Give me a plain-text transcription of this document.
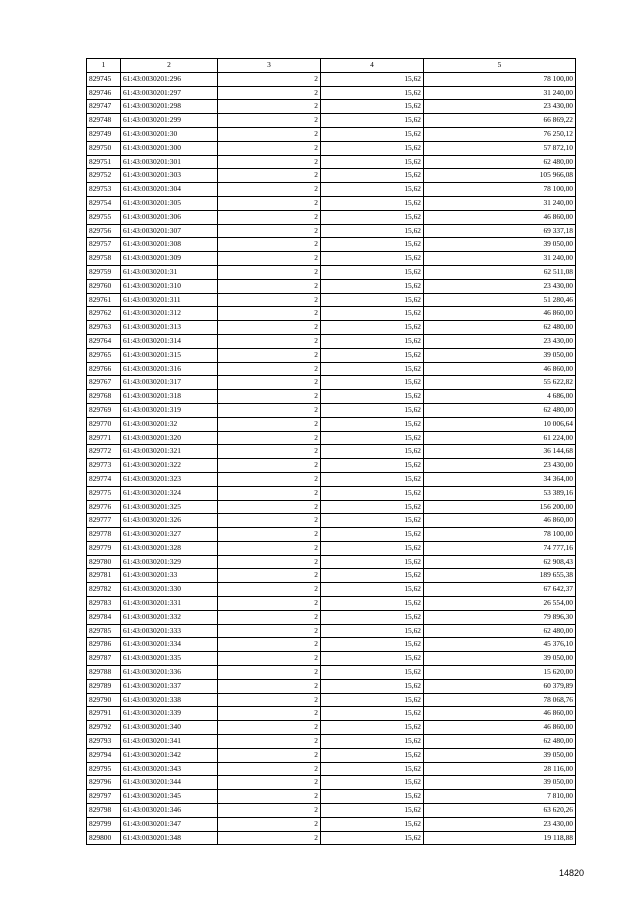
1	2	3	4	5
829745	61:43:0030201:296	2	15,62	78 100,00
829746	61:43:0030201:297	2	15,62	31 240,00
829747	61:43:0030201:298	2	15,62	23 430,00
829748	61:43:0030201:299	2	15,62	66 869,22
829749	61:43:0030201:30	2	15,62	76 250,12
829750	61:43:0030201:300	2	15,62	57 872,10
829751	61:43:0030201:301	2	15,62	62 480,00
829752	61:43:0030201:303	2	15,62	105 966,08
829753	61:43:0030201:304	2	15,62	78 100,00
829754	61:43:0030201:305	2	15,62	31 240,00
829755	61:43:0030201:306	2	15,62	46 860,00
829756	61:43:0030201:307	2	15,62	69 337,18
829757	61:43:0030201:308	2	15,62	39 050,00
829758	61:43:0030201:309	2	15,62	31 240,00
829759	61:43:0030201:31	2	15,62	62 511,08
829760	61:43:0030201:310	2	15,62	23 430,00
829761	61:43:0030201:311	2	15,62	51 280,46
829762	61:43:0030201:312	2	15,62	46 860,00
829763	61:43:0030201:313	2	15,62	62 480,00
829764	61:43:0030201:314	2	15,62	23 430,00
829765	61:43:0030201:315	2	15,62	39 050,00
829766	61:43:0030201:316	2	15,62	46 860,00
829767	61:43:0030201:317	2	15,62	55 622,82
829768	61:43:0030201:318	2	15,62	4 686,00
829769	61:43:0030201:319	2	15,62	62 480,00
829770	61:43:0030201:32	2	15,62	10 006,64
829771	61:43:0030201:320	2	15,62	61 224,00
829772	61:43:0030201:321	2	15,62	36 144,68
829773	61:43:0030201:322	2	15,62	23 430,00
829774	61:43:0030201:323	2	15,62	34 364,00
829775	61:43:0030201:324	2	15,62	53 389,16
829776	61:43:0030201:325	2	15,62	156 200,00
829777	61:43:0030201:326	2	15,62	46 860,00
829778	61:43:0030201:327	2	15,62	78 100,00
829779	61:43:0030201:328	2	15,62	74 777,16
829780	61:43:0030201:329	2	15,62	62 908,43
829781	61:43:0030201:33	2	15,62	189 655,38
829782	61:43:0030201:330	2	15,62	67 642,37
829783	61:43:0030201:331	2	15,62	26 554,00
829784	61:43:0030201:332	2	15,62	79 896,30
829785	61:43:0030201:333	2	15,62	62 480,00
829786	61:43:0030201:334	2	15,62	45 376,10
829787	61:43:0030201:335	2	15,62	39 050,00
829788	61:43:0030201:336	2	15,62	15 620,00
829789	61:43:0030201:337	2	15,62	60 379,89
829790	61:43:0030201:338	2	15,62	78 068,76
829791	61:43:0030201:339	2	15,62	46 860,00
829792	61:43:0030201:340	2	15,62	46 860,00
829793	61:43:0030201:341	2	15,62	62 480,00
829794	61:43:0030201:342	2	15,62	39 050,00
829795	61:43:0030201:343	2	15,62	28 116,00
829796	61:43:0030201:344	2	15,62	39 050,00
829797	61:43:0030201:345	2	15,62	7 810,00
829798	61:43:0030201:346	2	15,62	63 620,26
829799	61:43:0030201:347	2	15,62	23 430,00
829800	61:43:0030201:348	2	15,62	19 118,88
14820
